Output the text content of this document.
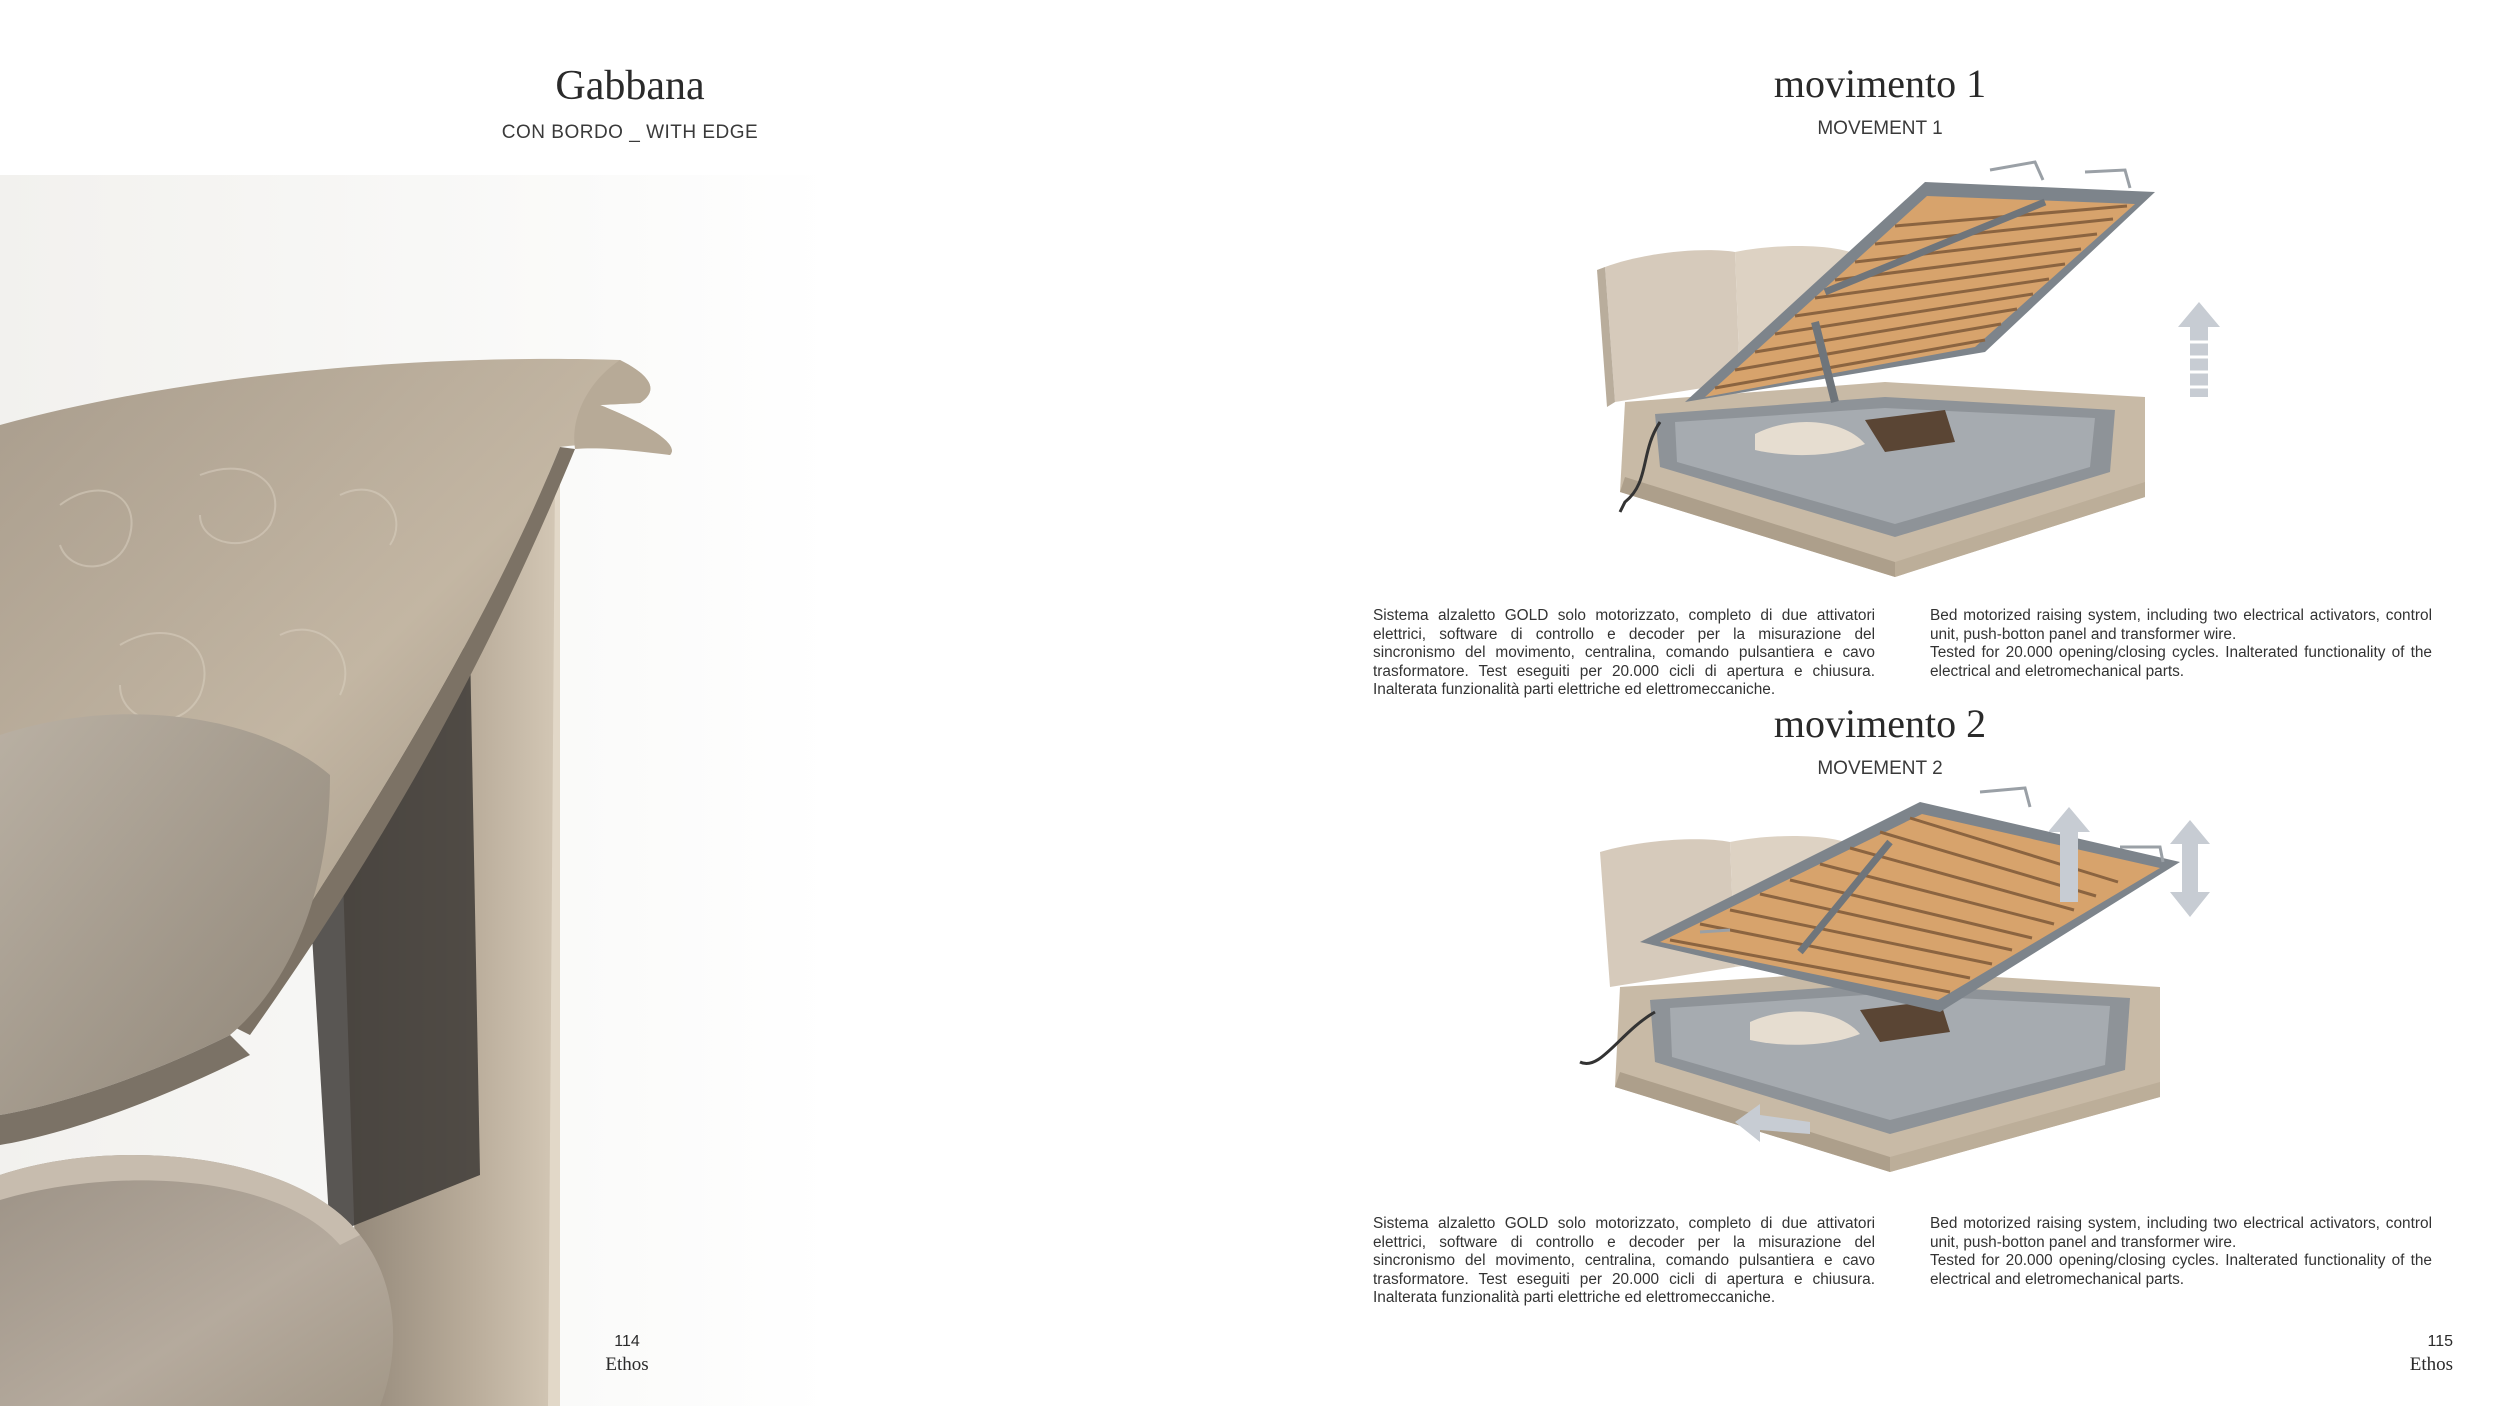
Gabbana
CON BORDO _ WITH EDGE
114
Ethos
movimento 1
MOVEMENT 1
Sistema alzaletto GOLD solo motorizzato, completo di due attivatori elettrici, software di controllo e decoder per la misurazione del sincronismo del movimento, centralina, comando pulsantiera e cavo trasformatore. Test eseguiti per 20.000 cicli di apertura e chiusura. Inalterata funzionalità parti elettriche ed elettromeccaniche.
Bed motorized raising system, including two electrical activators, control unit, push-botton panel and transformer wire.
Tested for 20.000 opening/closing cycles. Inalterated functionality of the electrical and eletromechanical parts.
movimento 2
MOVEMENT 2
Sistema alzaletto GOLD solo motorizzato, completo di due attivatori elettrici, software di controllo e decoder per la misurazione del sincronismo del movimento, centralina, comando pulsantiera e cavo trasformatore. Test eseguiti per 20.000 cicli di apertura e chiusura. Inalterata funzionalità parti elettriche ed elettromeccaniche.
Bed motorized raising system, including two electrical activators, control unit, push-botton panel and transformer wire.
Tested for 20.000 opening/closing cycles. Inalterated functionality of the electrical and eletromechanical parts.
115
Ethos
